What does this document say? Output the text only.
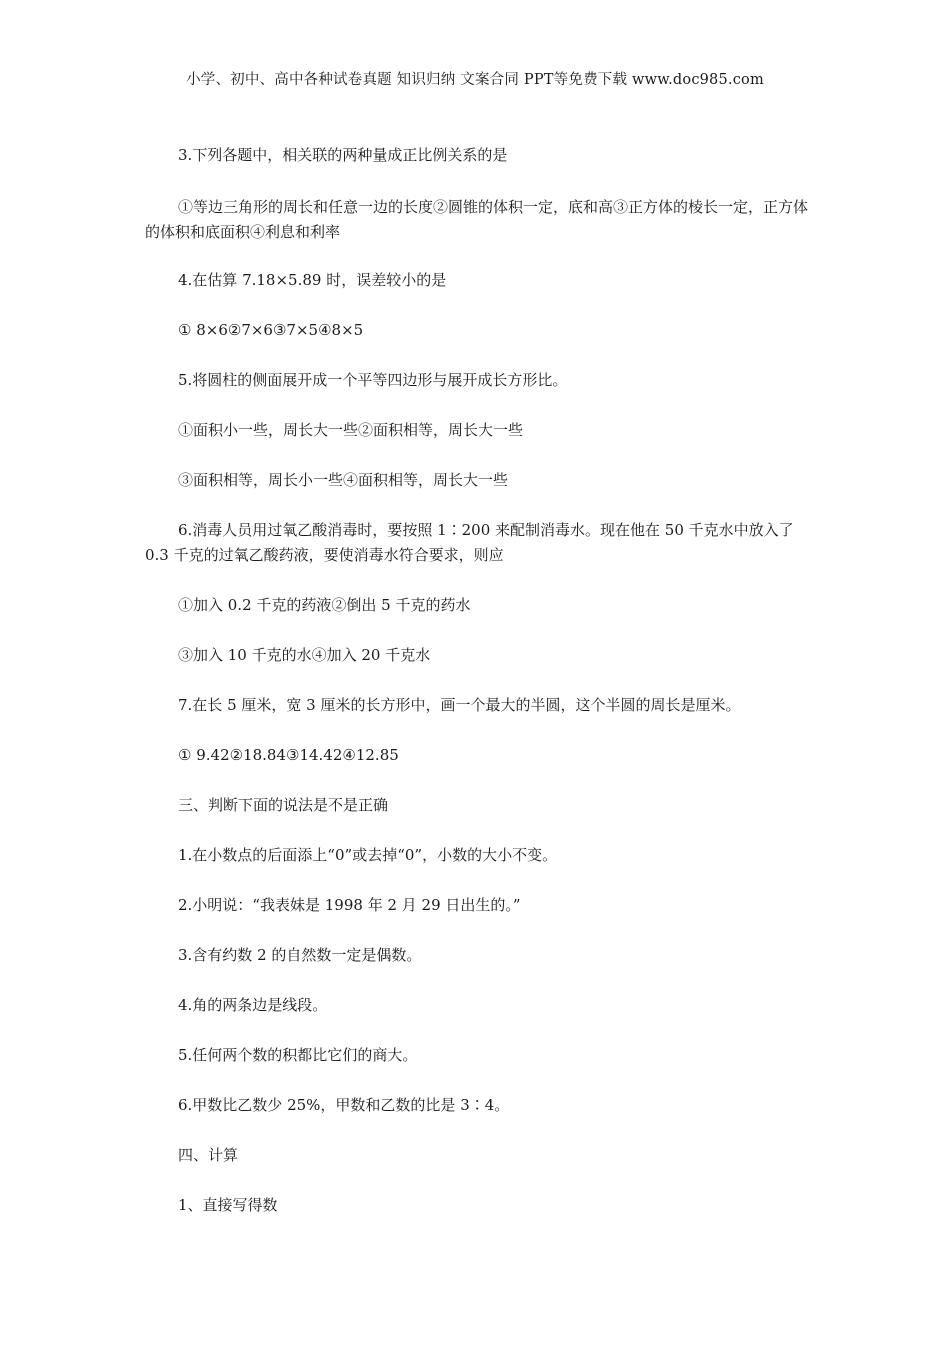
小学、初中、高中各种试卷真题 知识归纳 文案合同 PPT等免费下载 www.doc985.com

3.下列各题中，相关联的两种量成正比例关系的是

①等边三角形的周长和任意一边的长度②圆锥的体积一定，底和高③正方体的棱长一定，正方体的体积和底面积④利息和利率

4.在估算 7.18×5.89 时，误差较小的是

① 8×6②7×6③7×5④8×5

5.将圆柱的侧面展开成一个平等四边形与展开成长方形比。

①面积小一些，周长大一些②面积相等，周长大一些

③面积相等，周长小一些④面积相等，周长大一些

6.消毒人员用过氧乙酸消毒时，要按照 1∶200 来配制消毒水。现在他在 50 千克水中放入了 0.3 千克的过氧乙酸药液，要使消毒水符合要求，则应

①加入 0.2 千克的药液②倒出 5 千克的药水

③加入 10 千克的水④加入 20 千克水

7.在长 5 厘米，宽 3 厘米的长方形中，画一个最大的半圆，这个半圆的周长是厘米。

① 9.42②18.84③14.42④12.85

三、判断下面的说法是不是正确

1.在小数点的后面添上“0”或去掉“0”，小数的大小不变。

2.小明说：“我表妹是 1998 年 2 月 29 日出生的。”

3.含有约数 2 的自然数一定是偶数。

4.角的两条边是线段。

5.任何两个数的积都比它们的商大。

6.甲数比乙数少 25%，甲数和乙数的比是 3∶4。

四、计算

1、直接写得数
